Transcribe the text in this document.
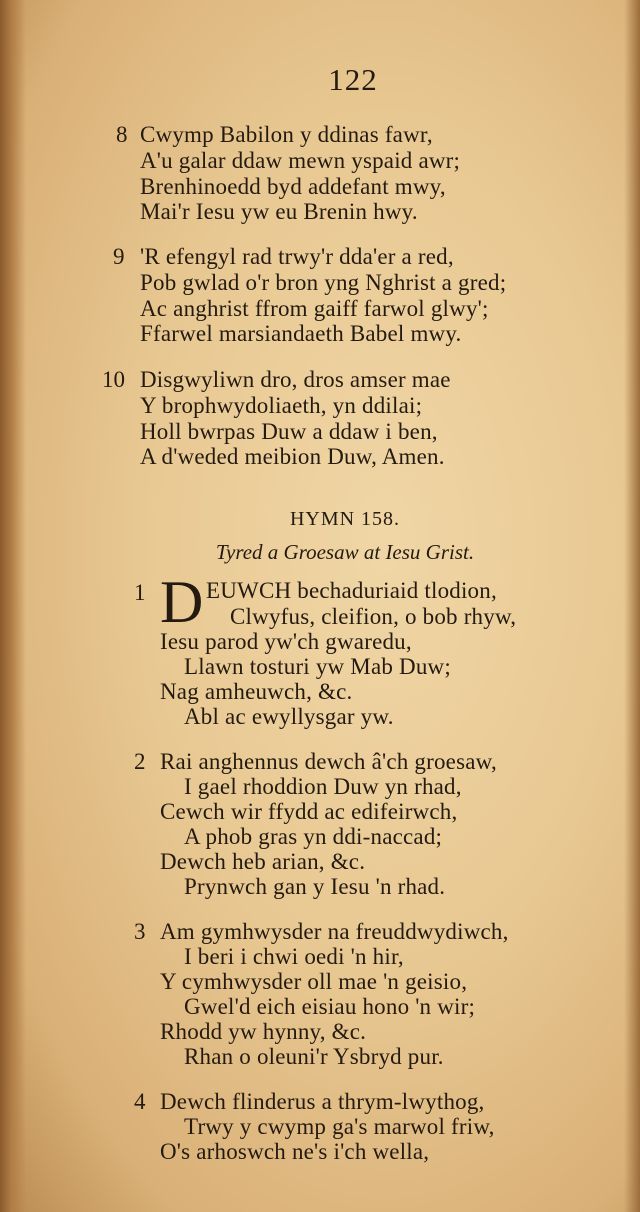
122
8 Cwymp Babilon y ddinas fawr,
A'u galar ddaw mewn yspaid awr;
Brenhinoedd byd addefant mwy,
Mai'r Iesu yw eu Brenin hwy.
9 'R efengyl rad trwy'r dda'er a red,
Pob gwlad o'r bron yng Nghrist a gred;
Ac anghrist ffrom gaiff farwol glwy';
Ffarwel marsiandaeth Babel mwy.
10 Disgwyliwn dro, dros amser mae
Y brophwydoliaeth, yn ddilai;
Holl bwrpas Duw a ddaw i ben,
A d'weded meibion Duw, Amen.
HYMN 158.
Tyred a Groesaw at Iesu Grist.
1 D EUWCH bechaduriaid tlodion,
Clwyfus, cleifion, o bob rhyw,
Iesu parod yw'ch gwaredu,
Llawn tosturi yw Mab Duw;
Nag amheuwch, &c.
Abl ac ewyllysgar yw.
2 Rai anghennus dewch â'ch groesaw,
I gael rhoddion Duw yn rhad,
Cewch wir ffydd ac edifeirwch,
A phob gras yn ddi-naccad;
Dewch heb arian, &c.
Prynwch gan y Iesu 'n rhad.
3 Am gymhwysder na freuddwydiwch,
I beri i chwi oedi 'n hir,
Y cymhwysder oll mae 'n geisio,
Gwel'd eich eisiau hono 'n wir;
Rhodd yw hynny, &c.
Rhan o oleuni'r Ysbryd pur.
4 Dewch flinderus a thrym-lwythog,
Trwy y cwymp ga's marwol friw,
O's arhoswch ne's i'ch wella,
